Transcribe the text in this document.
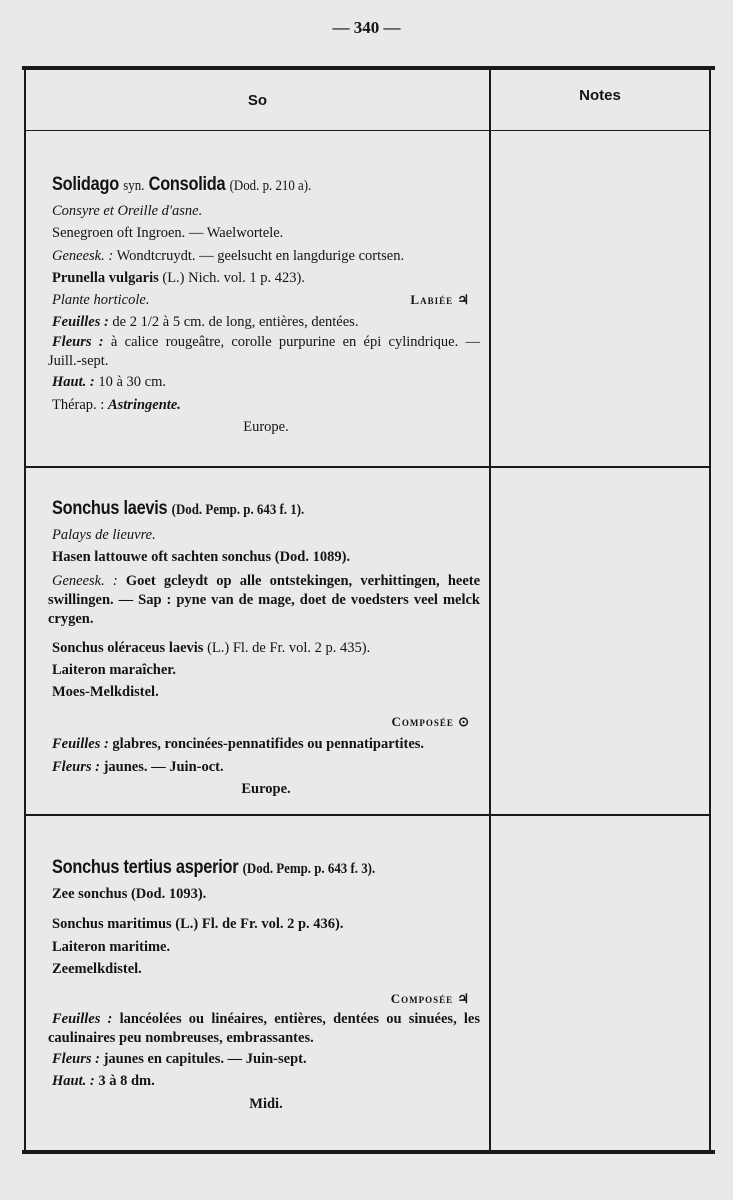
— 340 —
So	Notes

Solidago syn. Consolida (Dod. p. 210 a).

Consyre et Oreille d'asne.

Senegroen oft Ingroen. — Waelwortele.

Geneesk. : Wondtcruydt. — geelsucht en langdurige cortsen.

Prunella vulgaris (L.) Nich. vol. 1 p. 423).

Plante horticole.	Labiée ♃

Feuilles : de 2 1/2 à 5 cm. de long, entières, dentées.

Fleurs : à calice rougeâtre, corolle purpurine en épi cylindrique. — Juill.-sept.

Haut. : 10 à 30 cm.

Thérap. : Astringente.

Europe.

Sonchus laevis (Dod. Pemp. p. 643 f. 1).

Palays de lieuvre.

Hasen lattouwe oft sachten sonchus (Dod. 1089).

Geneesk. : Goet gcleydt op alle ontstekingen, verhittingen, heete swillingen. — Sap : pyne van de mage, doet de voedsters veel melck crygen.

Sonchus oléraceus laevis (L.) Fl. de Fr. vol. 2 p. 435).

Laiteron maraîcher.

Moes-Melkdistel.

Composée ⊙

Feuilles : glabres, roncinées-pennatifides ou pennatipartites.

Fleurs : jaunes. — Juin-oct.

Europe.

Sonchus tertius asperior (Dod. Pemp. p. 643 f. 3).

Zee sonchus (Dod. 1093).

Sonchus maritimus (L.) Fl. de Fr. vol. 2 p. 436).

Laiteron maritime.

Zeemelkdistel.

Composée ♃

Feuilles : lancéolées ou linéaires, entières, dentées ou sinuées, les caulinaires peu nombreuses, embrassantes.

Fleurs : jaunes en capitules. — Juin-sept.

Haut. : 3 à 8 dm.

Midi.
